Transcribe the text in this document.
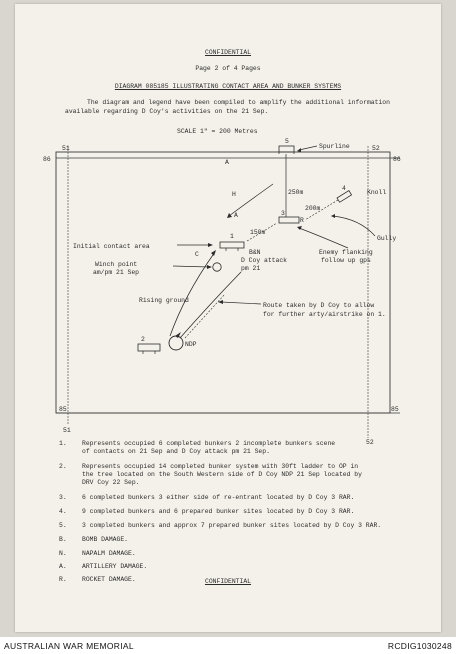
CONFIDENTIAL
Page 2 of 4 Pages
DIAGRAM 085185 ILLUSTRATING CONTACT AREA AND BUNKER SYSTEMS
The diagram and legend have been compiled to amplify the additional information
available regarding D Coy's activities on the 21 Sep.
SCALE 1" = 200 Metres
51	52
86	86
85	85
51
52
A
5
Spurline
250m
4
200m
Knoll
3
R
Gully
Enemy flanking
follow up gps
H
A
1
150m
B&N
D Coy attack
pm 21
Initial contact area
C
Winch point
am/pm 21 Sep
Rising ground
Route taken by D Coy to allow
for further arty/airstrike on 1.
NDP
2
1. Represents occupied 6 completed bunkers 2 incomplete bunkers scene
of contacts on 21 Sep and D Coy attack pm 21 Sep.
2. Represents occupied 14 completed bunker system with 30ft ladder to OP in
the tree located on the South Western side of D Coy NDP 21 Sep located by
DRV Coy 22 Sep.
3. 6 completed bunkers 3 either side of re-entrant located by D Coy 3 RAR.
4. 9 completed bunkers and 6 prepared bunker sites located by D Coy 3 RAR.
5. 3 completed bunkers and approx 7 prepared bunker sites located by D Coy 3 RAR.
B. BOMB DAMAGE.
N. NAPALM DAMAGE.
A. ARTILLERY DAMAGE.
R. ROCKET DAMAGE.	CONFIDENTIAL
AUSTRALIAN WAR MEMORIAL	RCDIG1030248
